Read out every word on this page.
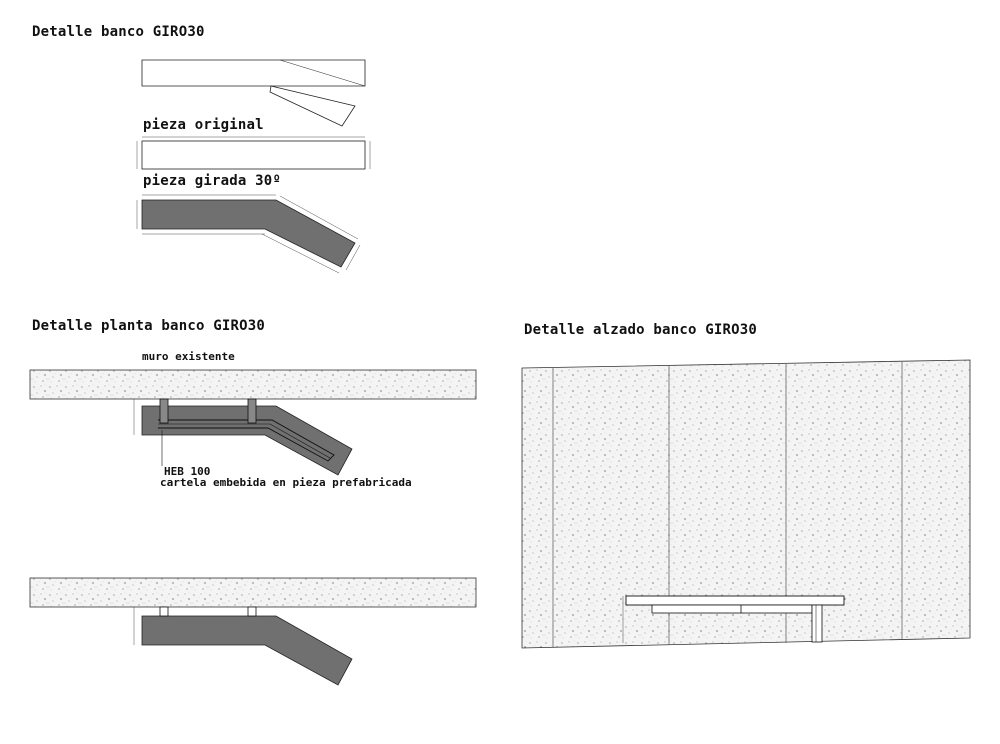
Detalle banco GIRO30
pieza original
pieza girada 30º
Detalle planta banco GIRO30	Detalle alzado banco GIRO30
muro existente
HEB 100
cartela embebida en pieza prefabricada
